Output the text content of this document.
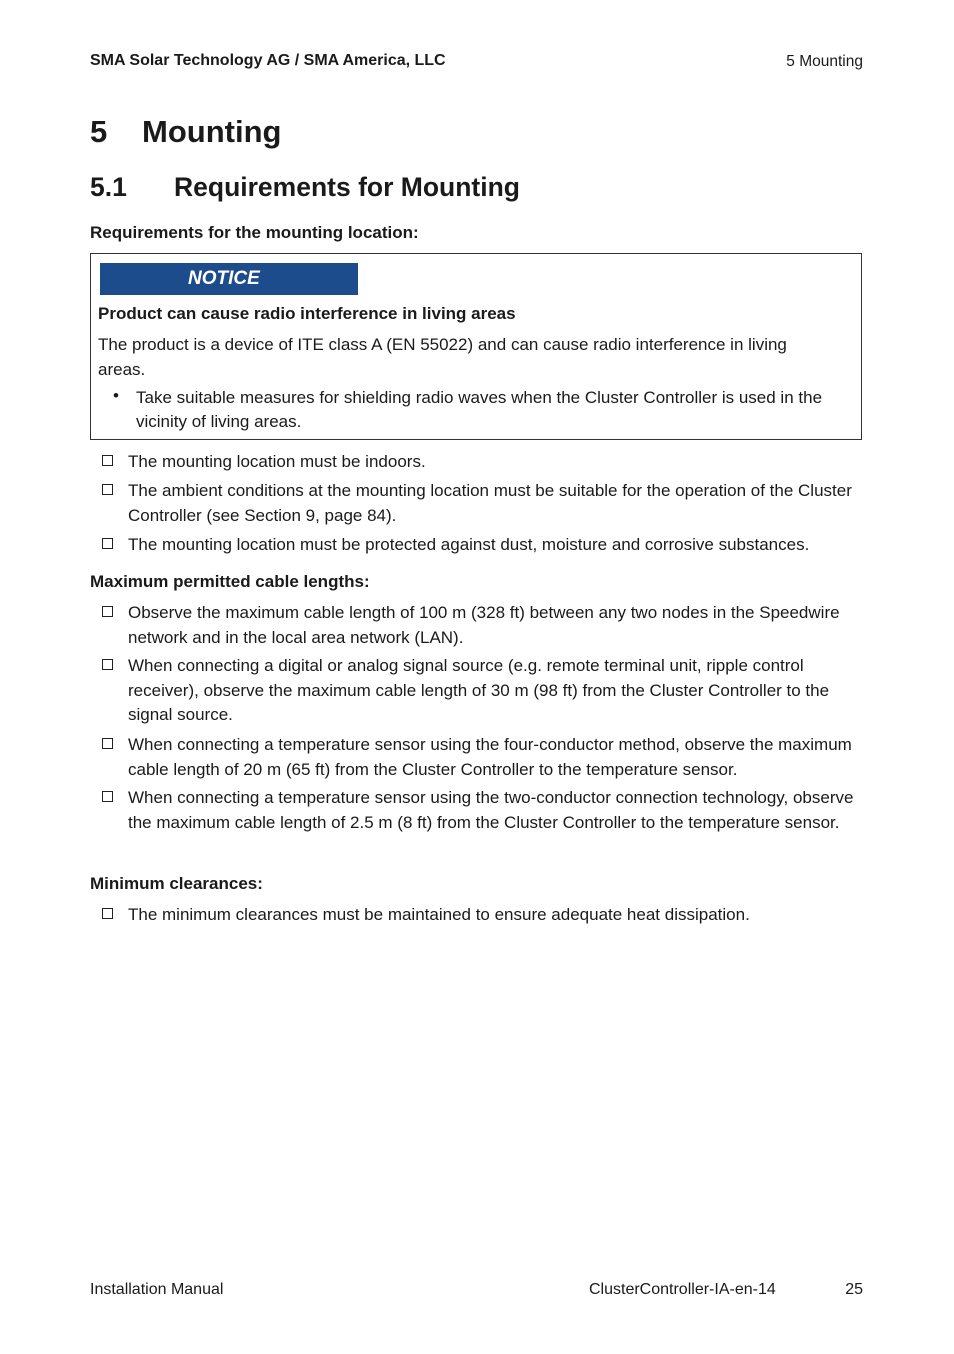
SMA Solar Technology AG / SMA America, LLC	5 Mounting
5 Mounting
5.1 Requirements for Mounting
Requirements for the mounting location:
NOTICE
Product can cause radio interference in living areas
The product is a device of ITE class A (EN 55022) and can cause radio interference in living areas.
• Take suitable measures for shielding radio waves when the Cluster Controller is used in the vicinity of living areas.
The mounting location must be indoors.
The ambient conditions at the mounting location must be suitable for the operation of the Cluster Controller (see Section 9, page 84).
The mounting location must be protected against dust, moisture and corrosive substances.
Maximum permitted cable lengths:
Observe the maximum cable length of 100 m (328 ft) between any two nodes in the Speedwire network and in the local area network (LAN).
When connecting a digital or analog signal source (e.g. remote terminal unit, ripple control receiver), observe the maximum cable length of 30 m (98 ft) from the Cluster Controller to the signal source.
When connecting a temperature sensor using the four-conductor method, observe the maximum cable length of 20 m (65 ft) from the Cluster Controller to the temperature sensor.
When connecting a temperature sensor using the two-conductor connection technology, observe the maximum cable length of 2.5 m (8 ft) from the Cluster Controller to the temperature sensor.
Minimum clearances:
The minimum clearances must be maintained to ensure adequate heat dissipation.
Installation Manual	ClusterController-IA-en-14	25
